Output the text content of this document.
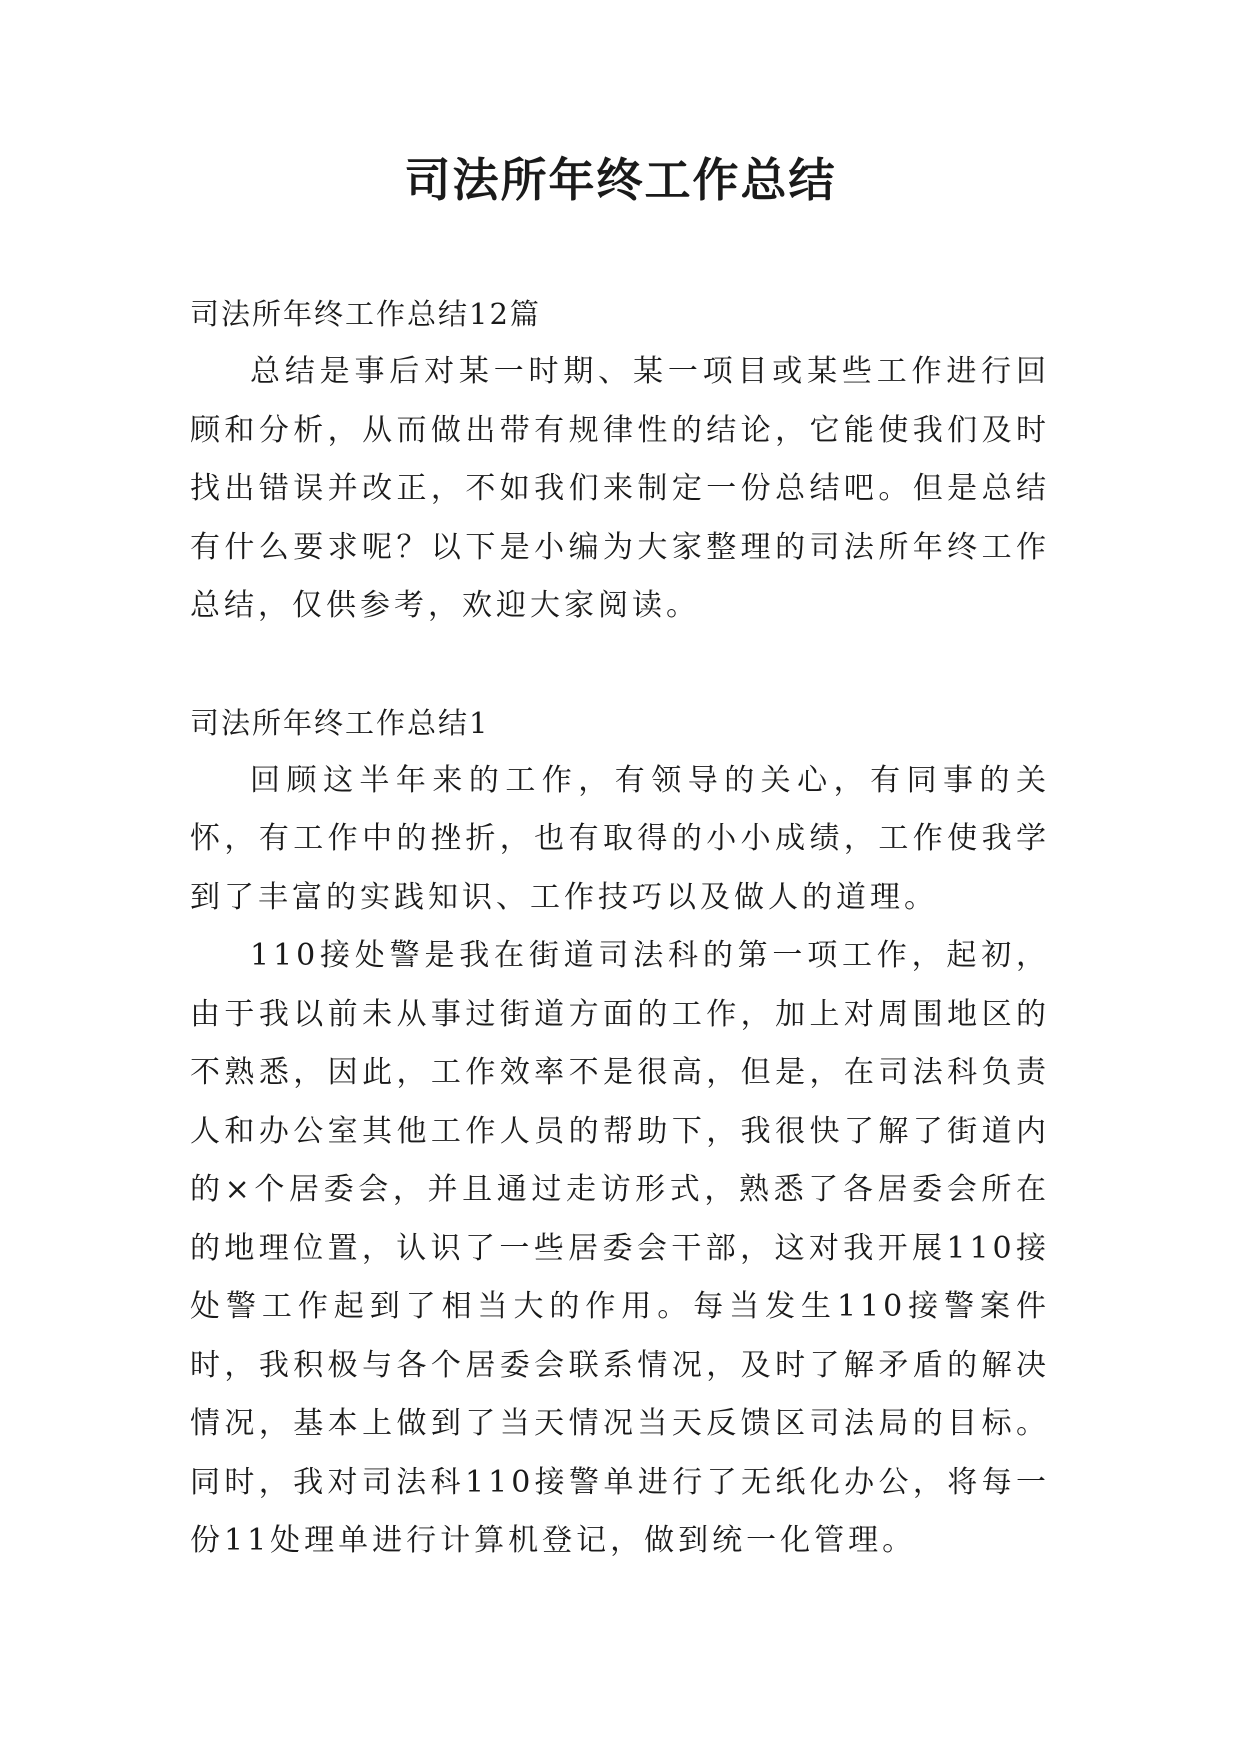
司法所年终工作总结

司法所年终工作总结12篇

总结是事后对某一时期、某一项目或某些工作进行回顾和分析，从而做出带有规律性的结论，它能使我们及时找出错误并改正，不如我们来制定一份总结吧。但是总结有什么要求呢？以下是小编为大家整理的司法所年终工作总结，仅供参考，欢迎大家阅读。

司法所年终工作总结1

回顾这半年来的工作，有领导的关心，有同事的关怀，有工作中的挫折，也有取得的小小成绩，工作使我学到了丰富的实践知识、工作技巧以及做人的道理。

110接处警是我在街道司法科的第一项工作，起初，由于我以前未从事过街道方面的工作，加上对周围地区的不熟悉，因此，工作效率不是很高，但是，在司法科负责人和办公室其他工作人员的帮助下，我很快了解了街道内的×个居委会，并且通过走访形式，熟悉了各居委会所在的地理位置，认识了一些居委会干部，这对我开展110接处警工作起到了相当大的作用。每当发生110接警案件时，我积极与各个居委会联系情况，及时了解矛盾的解决情况，基本上做到了当天情况当天反馈区司法局的目标。同时，我对司法科110接警单进行了无纸化办公，将每一份11处理单进行计算机登记，做到统一化管理。
